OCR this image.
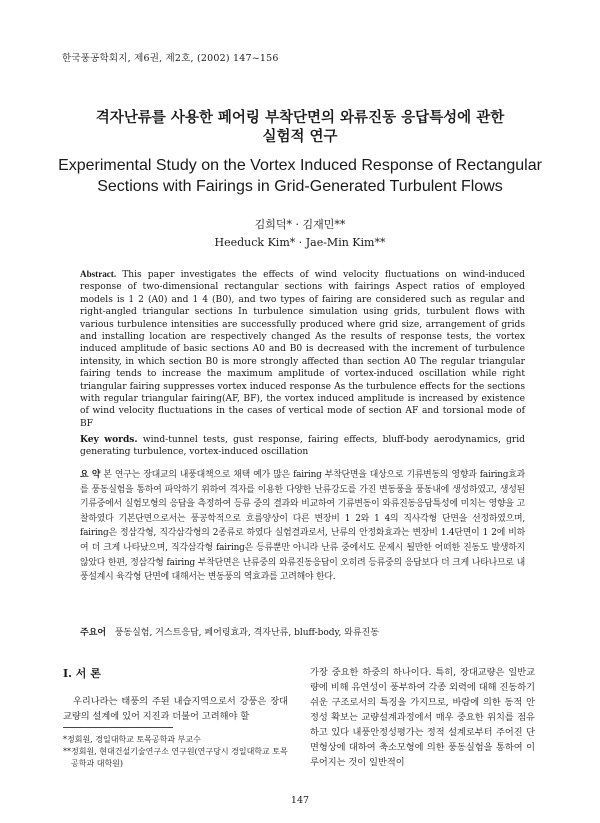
한국풍공학회지, 제6권, 제2호, (2002) 147~156
격자난류를 사용한 페어링 부착단면의 와류진동 응답특성에 관한
실험적 연구
Experimental Study on the Vortex Induced Response of Rectangular
Sections with Fairings in Grid-Generated Turbulent Flows
김희덕* · 김재민**
Heeduck Kim* · Jae-Min Kim**
Abstract. This paper investigates the effects of wind velocity fluctuations on wind-induced response of two-dimensional rectangular sections with fairings Aspect ratios of employed models is 1 2 (A0) and 1 4 (B0), and two types of fairing are considered such as regular and right-angled triangular sections In turbulence simulation using grids, turbulent flows with various turbulence intensities are successfully produced where grid size, arrangement of grids and installing location are respectively changed As the results of response tests, the vortex induced amplitude of basic sections A0 and B0 is decreased with the increment of turbulence intensity, in which section B0 is more strongly affected than section A0 The regular triangular fairing tends to increase the maximum amplitude of vortex-induced oscillation while right triangular fairing suppresses vortex induced response As the turbulence effects for the sections with regular triangular fairing(AF, BF), the vortex induced amplitude is increased by existence of wind velocity fluctuations in the cases of vertical mode of section AF and torsional mode of BF
Key words. wind-tunnel tests, gust response, fairing effects, bluff-body aerodynamics, grid generating turbulence, vortex-induced oscillation
요 약 본 연구는 장대교의 내풍대책으로 채택 예가 많은 fairing 부착단면을 대상으로 기류변동의 영향과 fairing효과를 풍동실험을 통하여 파악하기 위하여 격자를 이용한 다양한 난류강도를 가진 변동풍을 풍동내에 생성하였고, 생성된 기류중에서 실험모형의 응답을 측정하여 등류 중의 결과와 비교하여 기류변동이 와류진동응답특성에 미치는 영향을 고찰하였다 기본단면으로서는 풍공학적으로 흐름양상이 다른 변장비 1 2와 1 4의 직사각형 단면을 선정하였으며, fairing은 정삼각형, 직각삼각형의 2종류로 하였다 실험결과로서, 난류의 안정화효과는 변장비 1.4단면이 1 2에 비하여 더 크게 나타났으며, 직각삼각형 fairing은 등류뿐만 아니라 난류 중에서도 문제시 될만한 어떠한 진동도 발생하지 않았다 한편, 정삼각형 fairing 부착단면은 난류중의 와류진동응답이 오히려 등류중의 응답보다 더 크게 나타나므로 내풍설계시 육각형 단면에 대해서는 변동풍의 역효과를 고려해야 한다.
주요어 풍동실험, 거스트응답, 페어링효과, 격자난류, bluff-body, 와류진동
I. 서 론
우리나라는 태풍의 주된 내습지역으로서 강풍은 장대교량의 설계에 있어 지진과 더불어 고려해야 할
*정회원, 경일대학교 토목공학과 부교수
**정회원, 현대건설기술연구소 연구원(연구당시 경일대학교 토목공학과 대학원)
가장 중요한 하중의 하나이다. 특히, 장대교량은 일반교량에 비해 유연성이 풍부하여 각종 외력에 대해 진동하기 쉬운 구조로서의 특징을 가지므로, 바람에 의한 동적 안정성 확보는 교량설계과정에서 매우 중요한 위치를 점유하고 있다 내풍안정성평가는 정적 설계로부터 주어진 단면형상에 대하여 축소모형에 의한 풍동실험을 통하여 이루어지는 것이 일반적이
147
